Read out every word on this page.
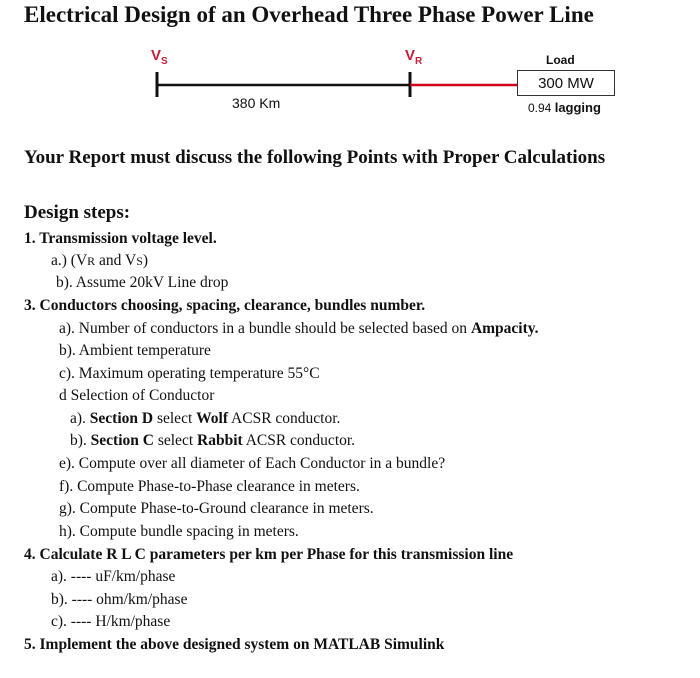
Electrical Design of an Overhead Three Phase Power Line
$V_S$	$V_R$
380 Km
Load
300 MW
0.94 lagging
Your Report must discuss the following Points with Proper Calculations
Design steps:
1. Transmission voltage level.
a.) (VR and VS)
b). Assume 20kV Line drop
3. Conductors choosing, spacing, clearance, bundles number.
a). Number of conductors in a bundle should be selected based on Ampacity.
b). Ambient temperature
c). Maximum operating temperature 55°C
d Selection of Conductor
a). Section D select Wolf ACSR conductor.
b). Section C select Rabbit ACSR conductor.
e). Compute over all diameter of Each Conductor in a bundle?
f). Compute Phase-to-Phase clearance in meters.
g). Compute Phase-to-Ground clearance in meters.
h). Compute bundle spacing in meters.
4. Calculate R L C parameters per km per Phase for this transmission line
a). ---- uF/km/phase
b). ---- ohm/km/phase
c). ---- H/km/phase
5. Implement the above designed system on MATLAB Simulink
